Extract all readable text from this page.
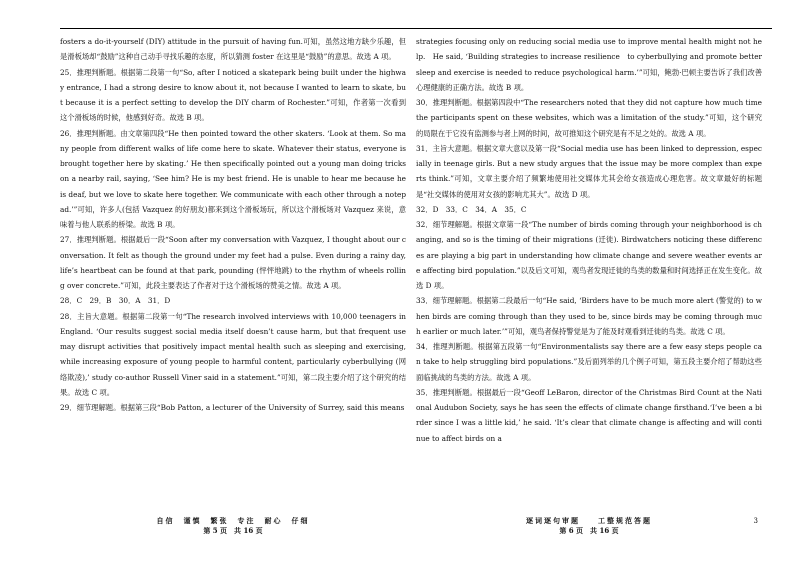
fosters a do-it-yourself (DIY) attitude in the pursuit of having fun.可知，虽然这地方缺少乐趣，但是滑板场却“鼓励”这种自己动手寻找乐趣的态度，所以猜测 foster 在这里是“鼓励”的意思。故选 A 项。

25．推理判断题。根据第二段第一句“So, after I noticed a skatepark being built under the highway entrance, I had a strong desire to know about it, not because I wanted to learn to skate, but because it is a perfect setting to develop the DIY charm of Rochester.”可知，作者第一次看到这个滑板场的时候，他感到好奇。故选 B 项。

26．推理判断题。由文章第四段“He then pointed toward the other skaters. ‘Look at them. So many people from different walks of life come here to skate. Whatever their status, everyone is brought together here by skating.’ He then specifically pointed out a young man doing tricks on a nearby rail, saying, ‘See him? He is my best friend. He is unable to hear me because he is deaf, but we love to skate here together. We communicate with each other through a notepad.’”可知，许多人(包括 Vazquez 的好朋友)都来到这个滑板场玩，所以这个滑板场对 Vazquez 来说，意味着与他人联系的桥梁。故选 B 项。

27．推理判断题。根据最后一段“Soon after my conversation with Vazquez, I thought about our conversation. It felt as though the ground under my feet had a pulse. Even during a rainy day, life’s heartbeat can be found at that park, pounding (怦怦地跳) to the rhythm of wheels rolling over concrete.”可知，此段主要表达了作者对于这个滑板场的赞美之情。故选 A 项。

28．C　29．B　30．A　31．D

28．主旨大意题。根据第二段第一句“The research involved interviews with 10,000 teenagers in England. ‘Our results suggest social media itself doesn’t cause harm, but that frequent use may disrupt activities that positively impact mental health such as sleeping and exercising, while increasing exposure of young people to harmful content, particularly cyberbullying (网络欺凌),’ study co-author Russell Viner said in a statement.”可知，第二段主要介绍了这个研究的结果。故选 C 项。

29．细节理解题。根据第三段“Bob Patton, a lecturer of the University of Surrey, said this means

strategies focusing only on reducing social media use to improve mental health might not help.　He said, ‘Building strategies to increase resilience　to cyberbullying and promote better sleep and exercise is needed to reduce psychological harm.’”可知，鲍勃·巴顿主要告诉了我们改善心理健康的正确方法。故选 B 项。

30．推理判断题。根据第四段中“The researchers noted that they did not capture how much time the participants spent on these websites, which was a limitation of the study.”可知，这个研究的局限在于它没有监测参与者上网的时间，故可推知这个研究是有不足之处的。故选 A 项。

31．主旨大意题。根据文章大意以及第一段“Social media use has been linked to depression, especially in teenage girls. But a new study argues that the issue may be more complex than experts think.”可知，文章主要介绍了频繁地使用社交媒体尤其会给女孩造成心理危害。故文章最好的标题是“社交媒体的使用对女孩的影响尤其大”。故选 D 项。

32．D　33．C　34．A　35．C

32．细节理解题。根据文章第一段“The number of birds coming through your neighborhood is changing, and so is the timing of their migrations (迁徙). Birdwatchers noticing these differences are playing a big part in understanding how climate change and severe weather events are affecting bird population.”以及后文可知，观鸟者发现迁徙的鸟类的数量和时间选择正在发生变化。故选 D 项。

33．细节理解题。根据第二段最后一句“He said, ‘Birders have to be much more alert (警觉的) to when birds are coming through than they used to be, since birds may be coming through much earlier or much later.’”可知，观鸟者保持警觉是为了能及时观看到迁徙的鸟类。故选 C 项。

34．推理判断题。根据第五段第一句“Environmentalists say there are a few easy steps people can take to help struggling bird populations.”及后面列举的几个例子可知，第五段主要介绍了帮助这些面临挑战的鸟类的方法。故选 A 项。

35．推理判断题。根据最后一段“Geoff LeBaron, director of the Christmas Bird Count at the National Audubon Society, says he has seen the effects of climate change firsthand.‘I’ve been a birder since I was a little kid,’ he said. ‘It’s clear that climate change is affecting and will continue to affect birds on a

自信　谨慎　繁张　专注　耐心　仔细
第 5 页　共 16 页
逐词逐句审题　　工整规范答题
第 6 页　共 16 页
3
